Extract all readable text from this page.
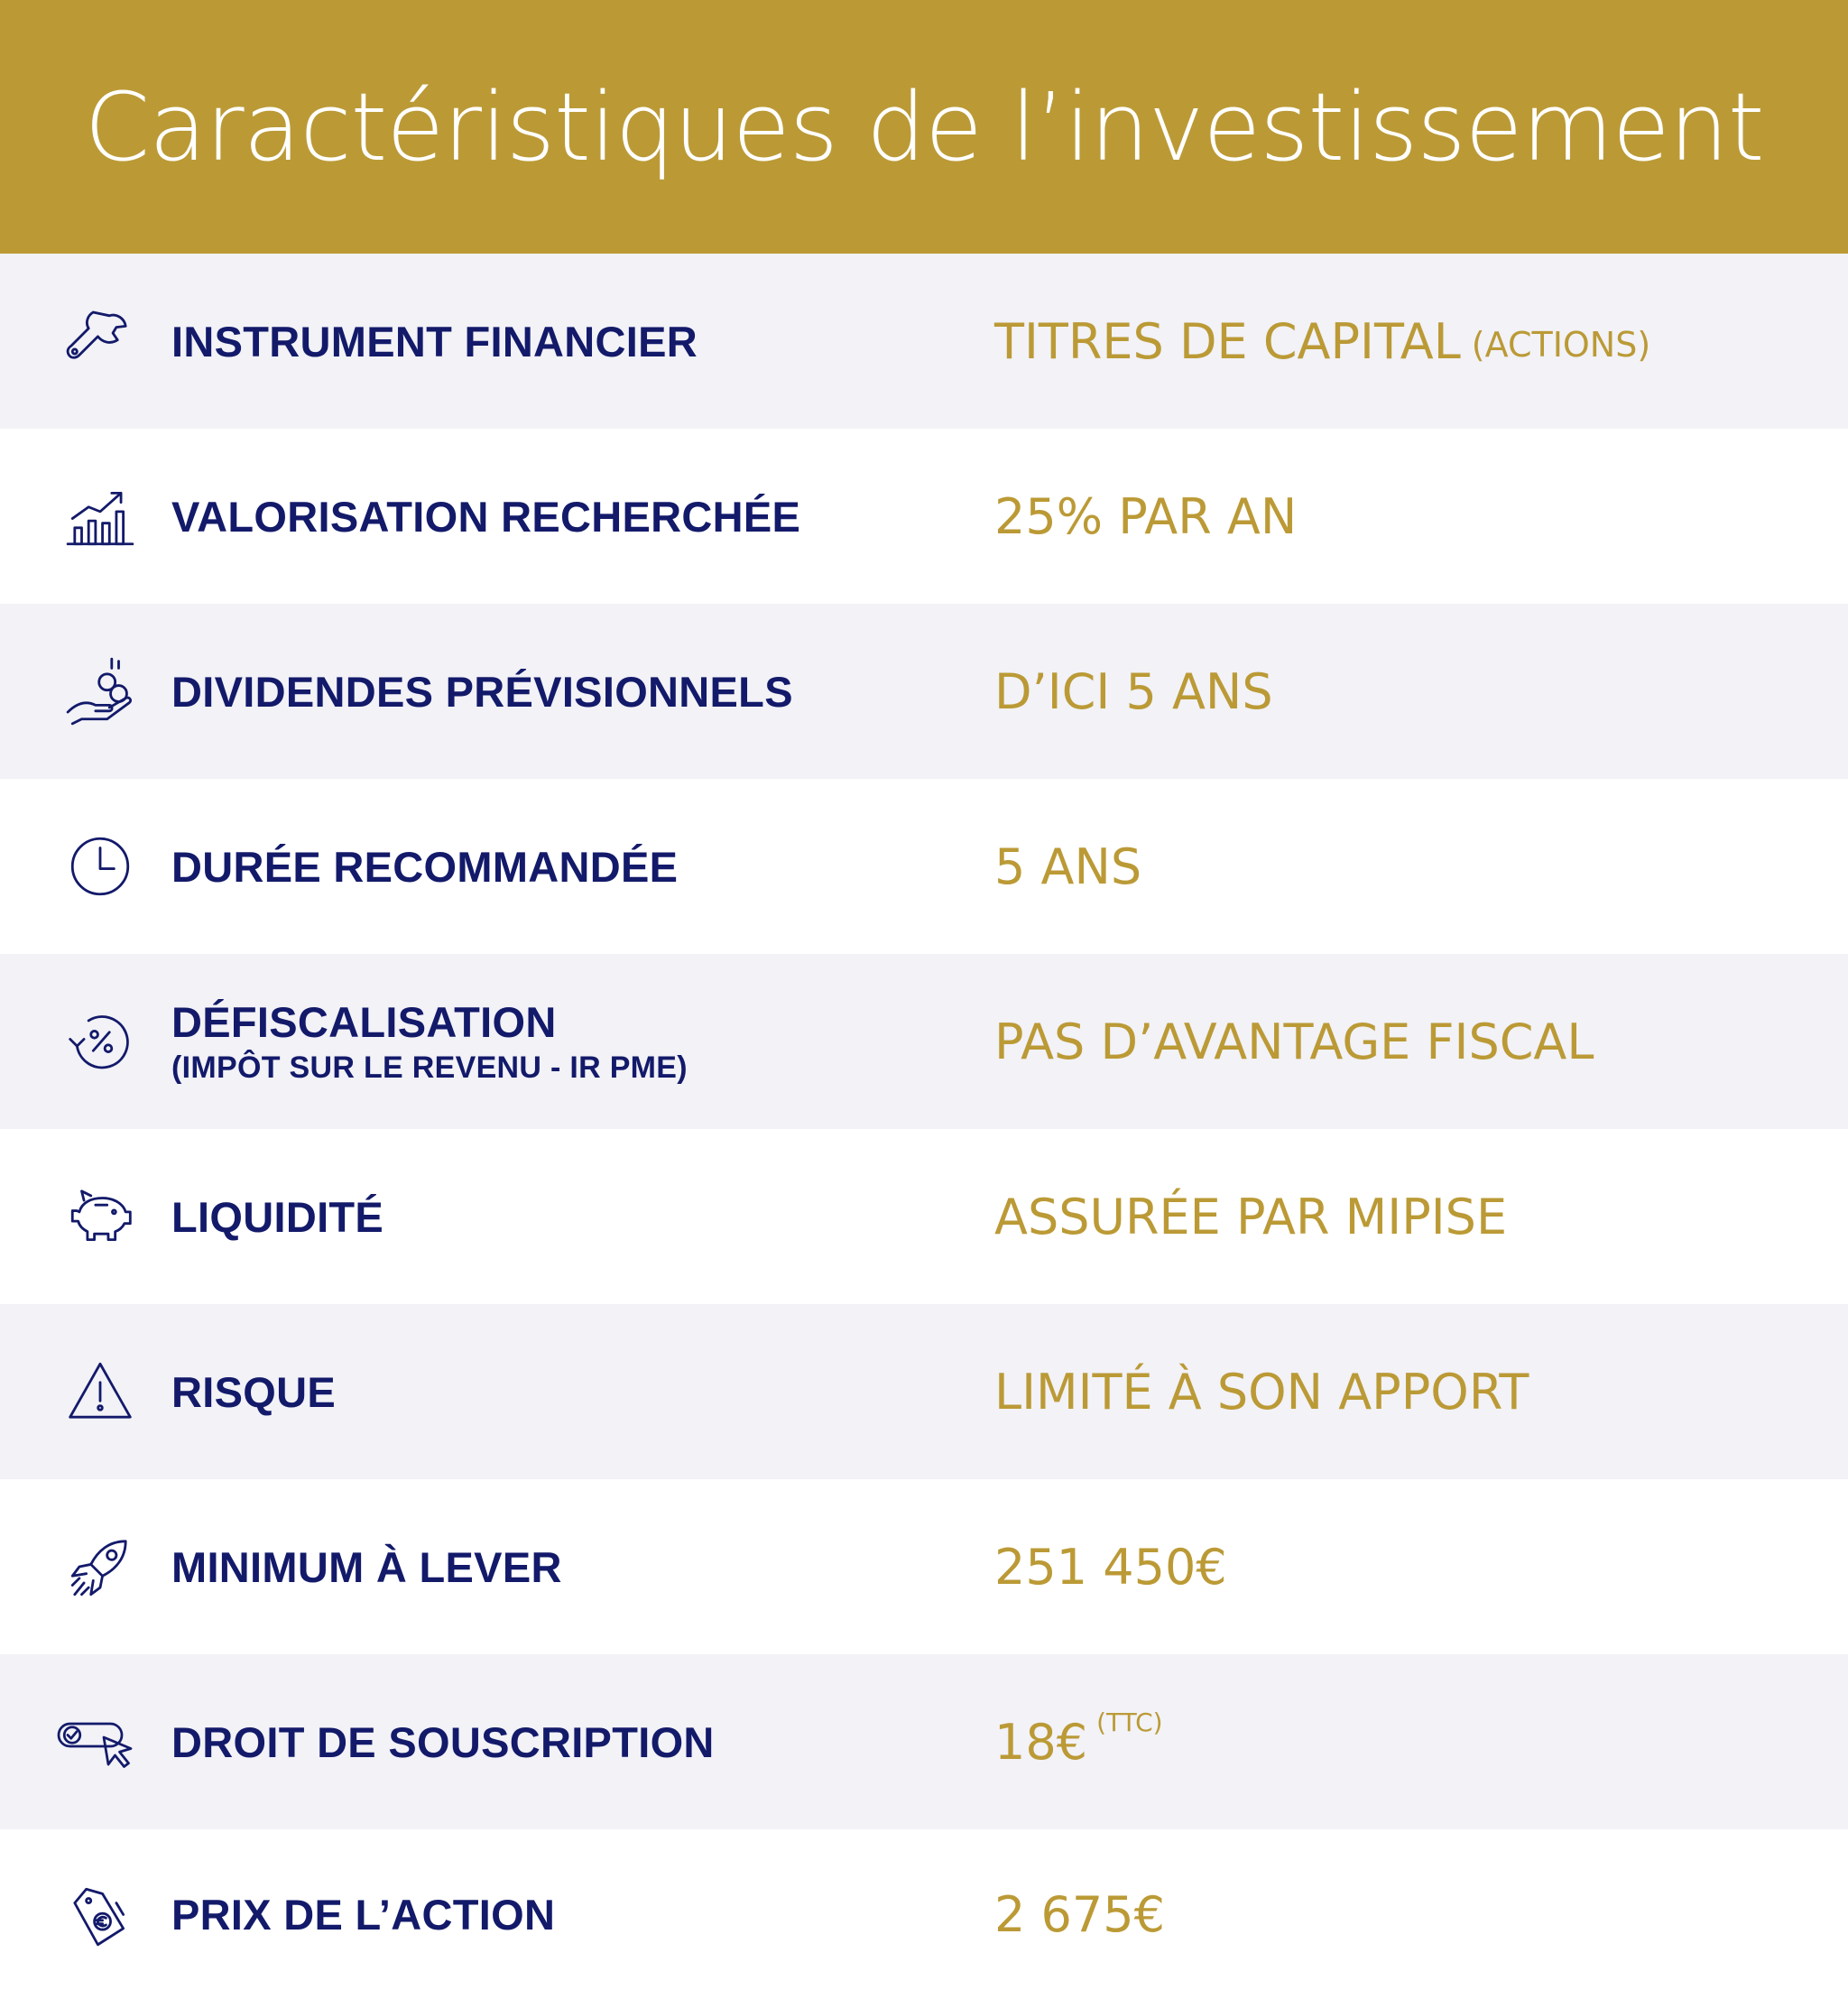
Caractéristiques de l’investissement
INSTRUMENT FINANCIER	TITRES DE CAPITAL (ACTIONS)
VALORISATION RECHERCHÉE	25% PAR AN
DIVIDENDES PRÉVISIONNELS	D’ICI 5 ANS
DURÉE RECOMMANDÉE	5 ANS
DÉFISCALISATION
(IMPÔT SUR LE REVENU - IR PME)	PAS D’AVANTAGE FISCAL
LIQUIDITÉ	ASSURÉE PAR MIPISE
RISQUE	LIMITÉ À SON APPORT
MINIMUM À LEVER	251 450€
DROIT DE SOUSCRIPTION	18€ (TTC)
PRIX DE L’ACTION	2 675€
